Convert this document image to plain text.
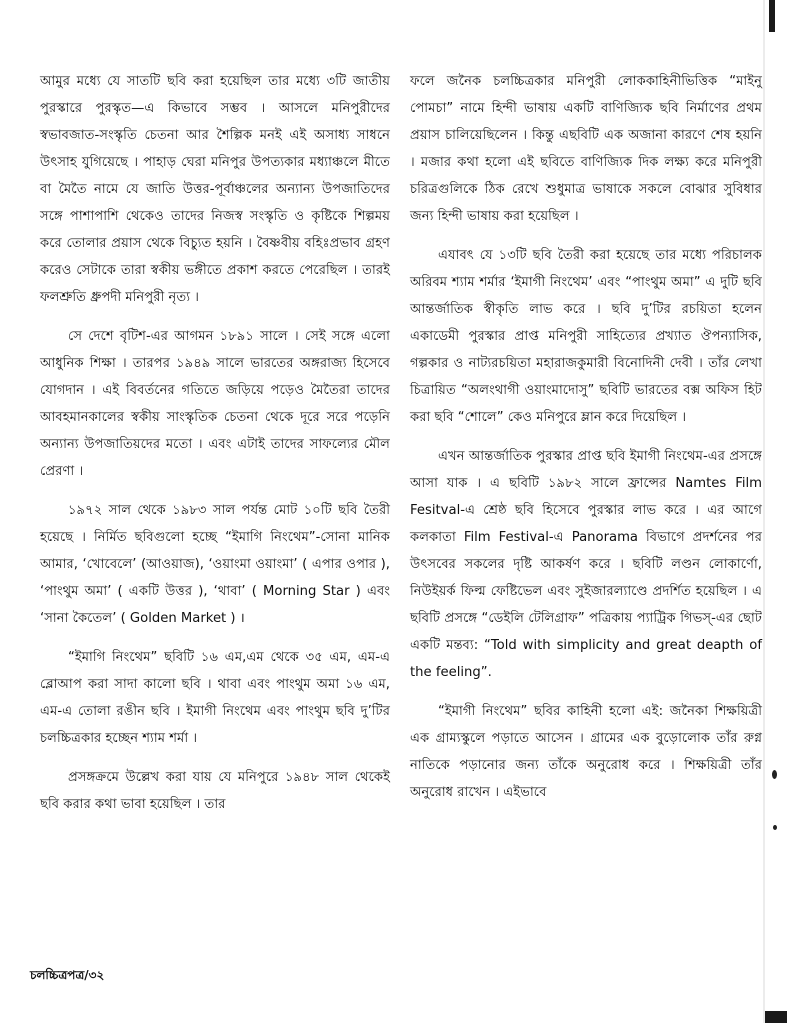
আমুর মধ্যে যে সাতটি ছবি করা হয়েছিল তার মধ্যে ৩টি জাতীয় পুরস্কারে পুরস্কৃত—এ কিভাবে সম্ভব । আসলে মনিপুরীদের স্বভাবজাত-সংস্কৃতি চেতনা আর শৈল্পিক মনই এই অসাধ্য সাধনে উৎসাহ যুগিয়েছে । পাহাড় ঘেরা মনিপুর উপত্যকার মধ্যাঞ্চলে মীতে বা মৈতৈ নামে যে জাতি উত্তর-পূর্বাঞ্চলের অন্যান্য উপজাতিদের সঙ্গে পাশাপাশি থেকেও তাদের নিজস্ব সংস্কৃতি ও কৃষ্টিকে শিল্পময় করে তোলার প্রয়াস থেকে বিচ্যুত হয়নি । বৈষ্ণবীয় বহিঃপ্রভাব গ্রহণ করেও সেটাকে তারা স্বকীয় ভঙ্গীতে প্রকাশ করতে পেরেছিল । তারই ফলশ্রুতি ধ্রুপদী মনিপুরী নৃত্য ।

সে দেশে বৃটিশ-এর আগমন ১৮৯১ সালে । সেই সঙ্গে এলো আধুনিক শিক্ষা । তারপর ১৯৪৯ সালে ভারতের অঙ্গরাজ্য হিসেবে যোগদান । এই বিবর্তনের গতিতে জড়িয়ে পড়েও মৈতৈরা তাদের আবহমানকালের স্বকীয় সাংস্কৃতিক চেতনা থেকে দূরে সরে পড়েনি অন্যান্য উপজাতিয়দের মতো । এবং এটাই তাদের সাফল্যের মৌল প্রেরণা ।

১৯৭২ সাল থেকে ১৯৮৩ সাল পর্যন্ত মোট ১০টি ছবি তৈরী হয়েছে । নির্মিত ছবিগুলো হচ্ছে “ইমাগি নিংথেম”-সোনা মানিক আমার, ‘খোবেলে’ (আওয়াজ), ‘ওয়াংমা ওয়াংমা’ ( এপার ওপার ), ‘পাংথুম অমা’ ( একটি উত্তর ), ‘থাবা’ ( Morning Star ) এবং ‘সানা কৈতেল’ ( Golden Market ) ।

“ইমাগি নিংথেম” ছবিটি ১৬ এম,এম থেকে ৩৫ এম, এম-এ ব্লোআপ করা সাদা কালো ছবি । থাবা এবং পাংথুম অমা ১৬ এম, এম-এ তোলা রঙীন ছবি । ইমাগী নিংথেম এবং পাংথুম ছবি দু’টির চলচ্চিত্রকার হচ্ছেন শ্যাম শর্মা ।

প্রসঙ্গক্রমে উল্লেখ করা যায় যে মনিপুরে ১৯৪৮ সাল থেকেই ছবি করার কথা ভাবা হয়েছিল । তার

ফলে জনৈক চলচ্চিত্রকার মনিপুরী লোককাহিনীভিত্তিক “মাইনু পোমচা” নামে হিন্দী ভাষায় একটি বাণিজ্যিক ছবি নির্মাণের প্রথম প্রয়াস চালিয়েছিলেন । কিন্তু এছবিটি এক অজানা কারণে শেষ হয়নি । মজার কথা হলো এই ছবিতে বাণিজ্যিক দিক লক্ষ্য করে মনিপুরী চরিত্রগুলিকে ঠিক রেখে শুধুমাত্র ভাষাকে সকলে বোঝার সুবিধার জন্য হিন্দী ভাষায় করা হয়েছিল ।

এযাবৎ যে ১৩টি ছবি তৈরী করা হয়েছে তার মধ্যে পরিচালক অরিবম শ্যাম শর্মার ‘ইমাগী নিংথেম’ এবং “পাংথুম অমা” এ দুটি ছবি আন্তর্জাতিক স্বীকৃতি লাভ করে । ছবি দু’টির রচয়িতা হলেন একাডেমী পুরস্কার প্রাপ্ত মনিপুরী সাহিত্যের প্রখ্যাত ঔপন্যাসিক, গল্পকার ও নাট্যরচয়িতা মহারাজকুমারী বিনোদিনী দেবী । তাঁর লেখা চিত্রায়িত “অলংথাগী ওয়াংমাদোসু” ছবিটি ভারতের বক্স অফিস হিট করা ছবি “শোলে” কেও মনিপুরে ম্লান করে দিয়েছিল ।

এখন আন্তর্জাতিক পুরস্কার প্রাপ্ত ছবি ইমাগী নিংথেম-এর প্রসঙ্গে আসা যাক । এ ছবিটি ১৯৮২ সালে ফ্রান্সের Namtes Film Fesitval-এ শ্রেষ্ঠ ছবি হিসেবে পুরস্কার লাভ করে । এর আগে কলকাতা Film Festival-এ Panorama বিভাগে প্রদর্শনের পর উৎসবের সকলের দৃষ্টি আকর্ষণ করে । ছবিটি লণ্ডন লোকার্ণো, নিউইয়র্ক ফিল্ম ফেষ্টিভেল এবং সুইজারল্যাণ্ডে প্রদর্শিত হয়েছিল । এ ছবিটি প্রসঙ্গে “ডেইলি টেলিগ্রাফ” পত্রিকায় প্যাট্রিক গিভস্-এর ছোট একটি মন্তব্য: “Told with simplicity and great deapth of the feeling”.

“ইমাগী নিংথেম” ছবির কাহিনী হলো এই: জনৈকা শিক্ষয়িত্রী এক গ্রাম্যস্কুলে পড়াতে আসেন । গ্রামের এক বুড়োলোক তাঁর রুগ্ন নাতিকে পড়ানোর জন্য তাঁকে অনুরোধ করে । শিক্ষয়িত্রী তাঁর অনুরোধ রাখেন । এইভাবে

চলচ্চিত্রপত্র/৩২
